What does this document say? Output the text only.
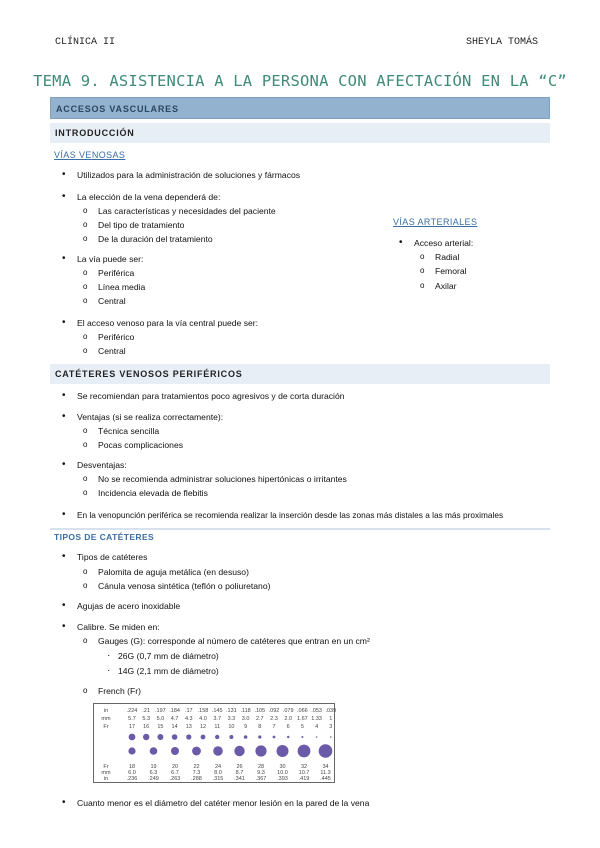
CLÍNICA II	SHEYLA TOMÁS
TEMA 9. ASISTENCIA A LA PERSONA CON AFECTACIÓN EN LA “C”
ACCESOS VASCULARES
INTRODUCCIÓN
VÍAS VENOSAS
• Utilizados para la administración de soluciones y fármacos
• La elección de la vena dependerá de:
o Las características y necesidades del paciente
o Del tipo de tratamiento
o De la duración del tratamiento
• La vía puede ser:
o Periférica
o Línea media
o Central
• El acceso venoso para la vía central puede ser:
o Periférico
o Central
VÍAS ARTERIALES
• Acceso arterial:
o Radial
o Femoral
o Axilar
CATÉTERES VENOSOS PERIFÉRICOS
• Se recomiendan para tratamientos poco agresivos y de corta duración
• Ventajas (si se realiza correctamente):
o Técnica sencilla
o Pocas complicaciones
• Desventajas:
o No se recomienda administrar soluciones hipertónicas o irritantes
o Incidencia elevada de flebitis
• En la venopunción periférica se recomienda realizar la inserción desde las zonas más distales a las más proximales
TIPOS DE CATÉTERES
• Tipos de catéteres
o Palomita de aguja metálica (en desuso)
o Cánula venosa sintética (teflón o poliuretano)
• Agujas de acero inoxidable
• Calibre. Se miden en:
o Gauges (G): corresponde al número de catéteres que entran en un cm²
· 26G (0,7 mm de diámetro)
· 14G (2,1 mm de diámetro)
o French (Fr)
in
mm
Fr
.224
5.7
17
.21
5.3
16
.197
5.0
15
.184
4.7
14
.17
4.3
13
.158
4.0
12
.145
3.7
11
.131
3.3
10
.118
3.0
9
.105
2.7
8
.092
2.3
7
.079
2.0
6
.066
1.67
5
.053
1.33
4
.039
1
3
Fr
mm
in
18
6.0
.236
19
6.3
.249
20
6.7
.263
22
7.3
.288
24
8.0
.315
26
8.7
.341
28
9.3
.367
30
10.0
.393
32
10.7
.419
34
11.3
.445
• Cuanto menor es el diámetro del catéter menor lesión en la pared de la vena
